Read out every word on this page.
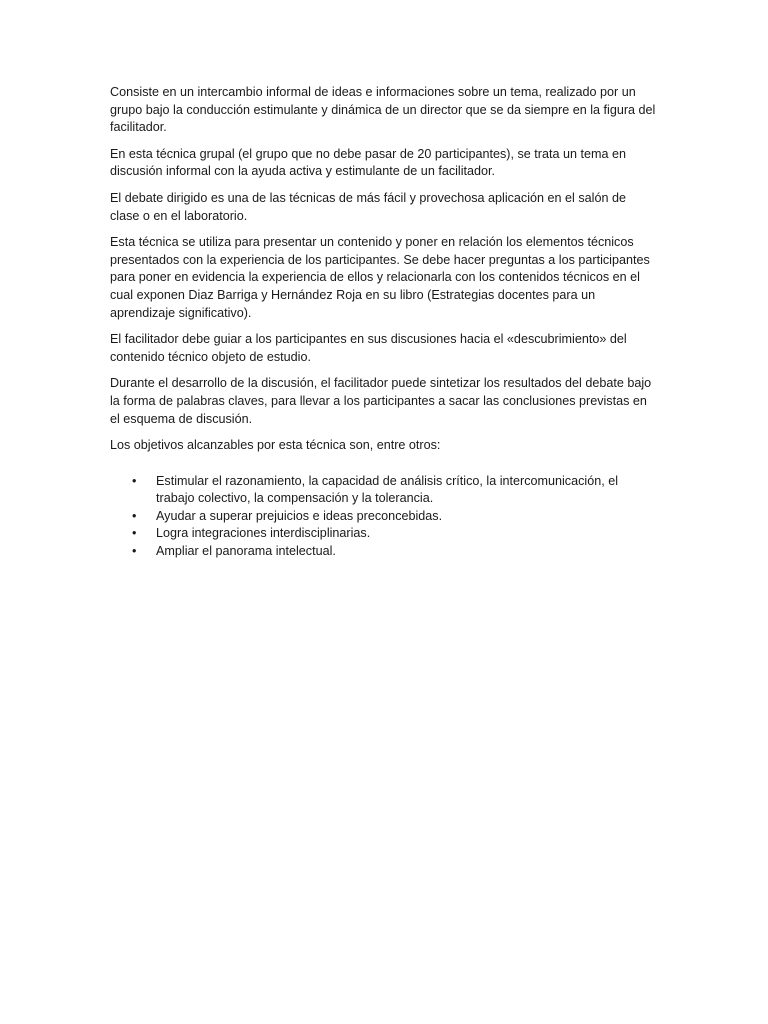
Consiste en un intercambio informal de ideas e informaciones sobre un tema, realizado por un grupo bajo la conducción estimulante y dinámica de un director que se da siempre en la figura del facilitador.

En esta técnica grupal (el grupo que no debe pasar de 20 participantes), se trata un tema en discusión informal con la ayuda activa y estimulante de un facilitador.

El debate dirigido es una de las técnicas de más fácil y provechosa aplicación en el salón de clase o en el laboratorio.

Esta técnica se utiliza para presentar un contenido y poner en relación los elementos técnicos presentados con la experiencia de los participantes. Se debe hacer preguntas a los participantes para poner en evidencia la experiencia de ellos y relacionarla con los contenidos técnicos en el cual exponen Diaz Barriga y Hernández Roja en su libro (Estrategias docentes para un aprendizaje significativo).

El facilitador debe guiar a los participantes en sus discusiones hacia el «descubrimiento» del contenido técnico objeto de estudio.

Durante el desarrollo de la discusión, el facilitador puede sintetizar los resultados del debate bajo la forma de palabras claves, para llevar a los participantes a sacar las conclusiones previstas en el esquema de discusión.

Los objetivos alcanzables por esta técnica son, entre otros:

• Estimular el razonamiento, la capacidad de análisis crítico, la intercomunicación, el trabajo colectivo, la compensación y la tolerancia.
• Ayudar a superar prejuicios e ideas preconcebidas.
• Logra integraciones interdisciplinarias.
• Ampliar el panorama intelectual.
